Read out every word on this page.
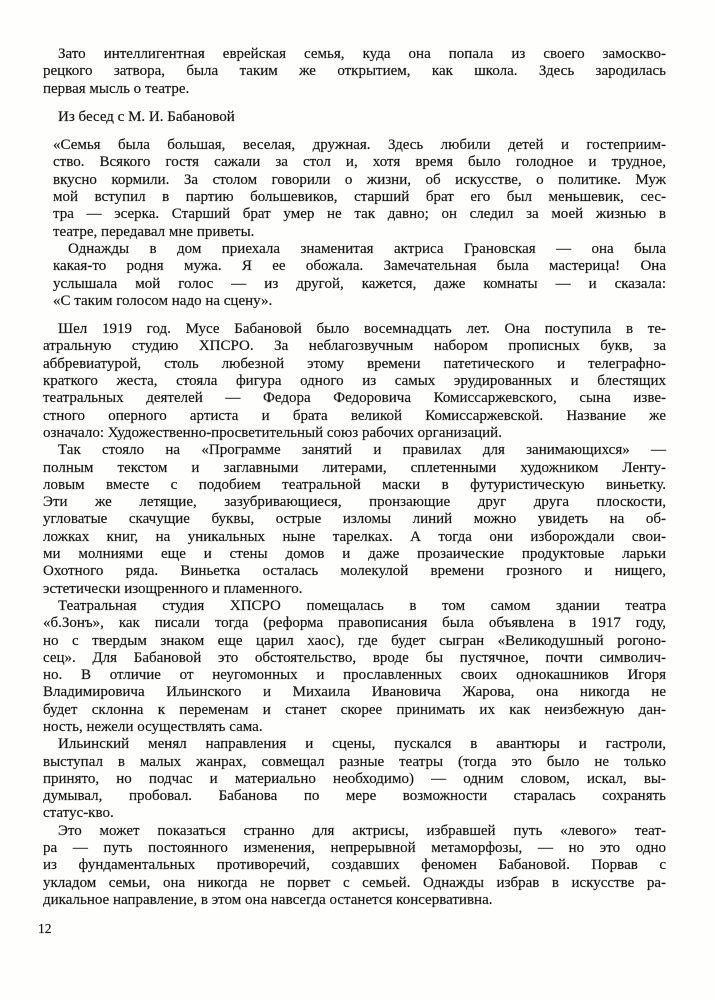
Зато интеллигентная еврейская семья, куда она попала из своего замоскво-
рецкого затвора, была таким же открытием, как школа. Здесь зародилась
первая мысль о театре.
Из бесед с М. И. Бабановой
«Семья была большая, веселая, дружная. Здесь любили детей и гостеприим-
ство. Всякого гостя сажали за стол и, хотя время было голодное и трудное,
вкусно кормили. За столом говорили о жизни, об искусстве, о политике. Муж
мой вступил в партию большевиков, старший брат его был меньшевик, сес-
тра — эсерка. Старший брат умер не так давно; он следил за моей жизнью в
театре, передавал мне приветы.
Однажды в дом приехала знаменитая актриса Грановская — она была
какая-то родня мужа. Я ее обожала. Замечательная была мастерица! Она
услышала мой голос — из другой, кажется, даже комнаты — и сказала:
«С таким голосом надо на сцену».
Шел 1919 год. Мусе Бабановой было восемнадцать лет. Она поступила в те-
атральную студию ХПСРО. За неблагозвучным набором прописных букв, за
аббревиатурой, столь любезной этому времени патетического и телеграфно-
краткого жеста, стояла фигура одного из самых эрудированных и блестящих
театральных деятелей — Федора Федоровича Комиссаржевского, сына изве-
стного оперного артиста и брата великой Комиссаржевской. Название же
означало: Художественно-просветительный союз рабочих организаций.
Так стояло на «Программе занятий и правилах для занимающихся» —
полным текстом и заглавными литерами, сплетенными художником Ленту-
ловым вместе с подобием театральной маски в футуристическую виньетку.
Эти же летящие, зазубривающиеся, пронзающие друг друга плоскости,
угловатые скачущие буквы, острые изломы линий можно увидеть на об-
ложках книг, на уникальных ныне тарелках. А тогда они изборождали свои-
ми молниями еще и стены домов и даже прозаические продуктовые ларьки
Охотного ряда. Виньетка осталась молекулой времени грозного и нищего,
эстетически изощренного и пламенного.
Театральная студия ХПСРО помещалась в том самом здании театра
«б.Зонъ», как писали тогда (реформа правописания была объявлена в 1917 году,
но с твердым знаком еще царил хаос), где будет сыгран «Великодушный рогоно-
сец». Для Бабановой это обстоятельство, вроде бы пустячное, почти символич-
но. В отличие от неугомонных и прославленных своих однокашников Игоря
Владимировича Ильинского и Михаила Ивановича Жарова, она никогда не
будет склонна к переменам и станет скорее принимать их как неизбежную дан-
ность, нежели осуществлять сама.
Ильинский менял направления и сцены, пускался в авантюры и гастроли,
выступал в малых жанрах, совмещал разные театры (тогда это было не только
принято, но подчас и материально необходимо) — одним словом, искал, вы-
думывал, пробовал. Бабанова по мере возможности старалась сохранять
статус-кво.
Это может показаться странно для актрисы, избравшей путь «левого» теат-
ра — путь постоянного изменения, непрерывной метаморфозы, — но это одно
из фундаментальных противоречий, создавших феномен Бабановой. Порвав с
укладом семьи, она никогда не порвет с семьей. Однажды избрав в искусстве ра-
дикальное направление, в этом она навсегда останется консервативна.
12
